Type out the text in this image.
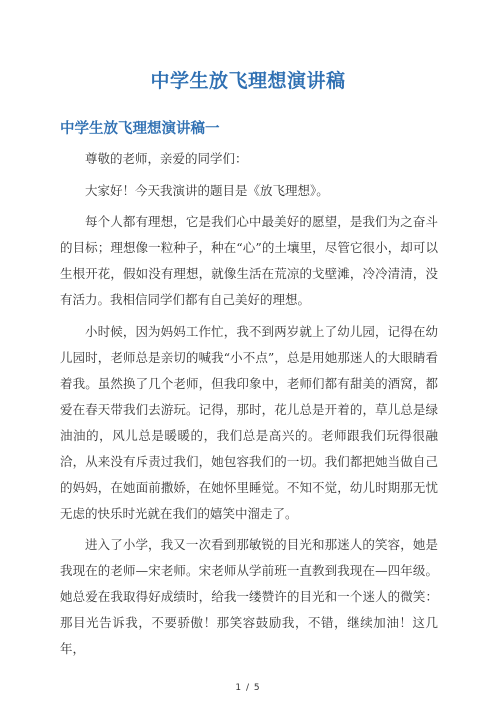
中学生放飞理想演讲稿
中学生放飞理想演讲稿一

尊敬的老师，亲爱的同学们：

大家好！今天我演讲的题目是《放飞理想》。

每个人都有理想，它是我们心中最美好的愿望，是我们为之奋斗的目标；理想像一粒种子，种在“心”的土壤里，尽管它很小，却可以生根开花，假如没有理想，就像生活在荒凉的戈壁滩，冷冷清清，没有活力。我相信同学们都有自己美好的理想。

小时候，因为妈妈工作忙，我不到两岁就上了幼儿园，记得在幼儿园时，老师总是亲切的喊我“小不点”，总是用她那迷人的大眼睛看着我。虽然换了几个老师，但我印象中，老师们都有甜美的酒窝，都爱在春天带我们去游玩。记得，那时，花儿总是开着的，草儿总是绿油油的，风儿总是暖暖的，我们总是高兴的。老师跟我们玩得很融洽，从来没有斥责过我们，她包容我们的一切。我们都把她当做自己的妈妈，在她面前撒娇，在她怀里睡觉。不知不觉，幼儿时期那无忧无虑的快乐时光就在我们的嬉笑中溜走了。

进入了小学，我又一次看到那敏锐的目光和那迷人的笑容，她是我现在的老师—宋老师。宋老师从学前班一直教到我现在—四年级。她总爱在我取得好成绩时，给我一缕赞许的目光和一个迷人的微笑：那目光告诉我，不要骄傲！那笑容鼓励我，不错，继续加油！这几年，

1 / 5
